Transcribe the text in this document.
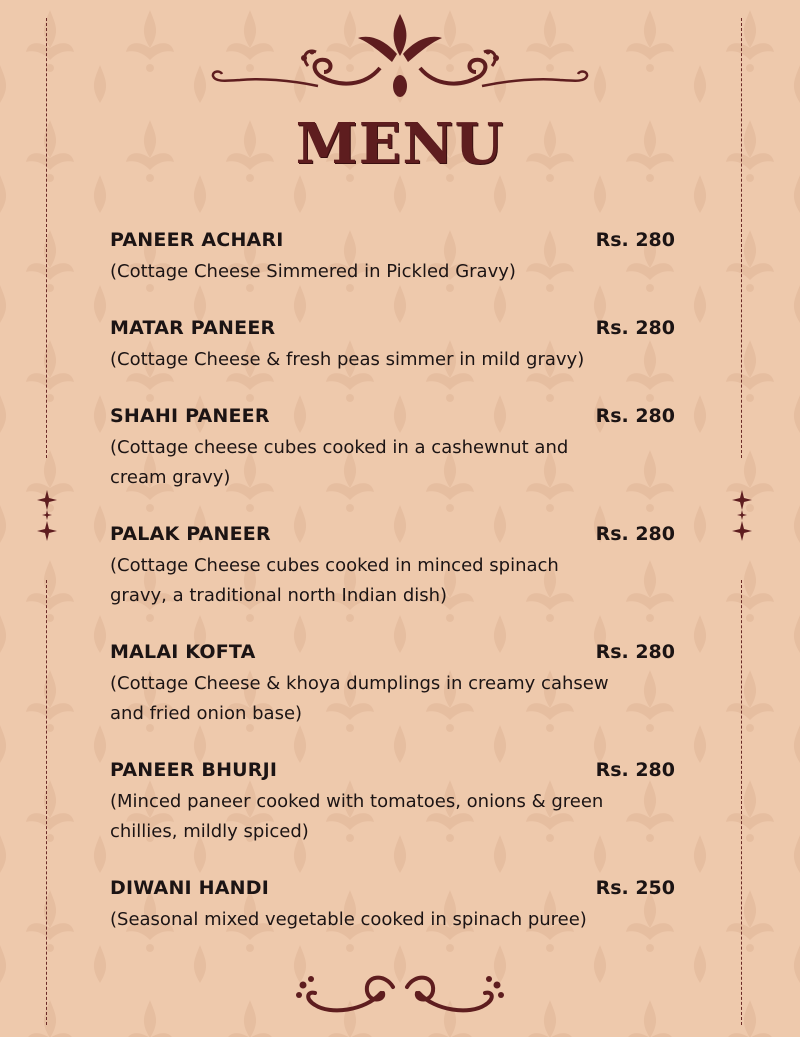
MENU
PANEER ACHARI	Rs. 280
(Cottage Cheese Simmered in Pickled Gravy)
MATAR PANEER	Rs. 280
(Cottage Cheese & fresh peas simmer in mild gravy)
SHAHI PANEER	Rs. 280
(Cottage cheese cubes cooked in a cashewnut and cream gravy)
PALAK PANEER	Rs. 280
(Cottage Cheese cubes cooked in minced spinach gravy, a traditional north Indian dish)
MALAI KOFTA	Rs. 280
(Cottage Cheese & khoya dumplings in creamy cahsew and fried onion base)
PANEER BHURJI	Rs. 280
(Minced paneer cooked with tomatoes, onions & green chillies, mildly spiced)
DIWANI HANDI	Rs. 250
(Seasonal mixed vegetable cooked in spinach puree)
